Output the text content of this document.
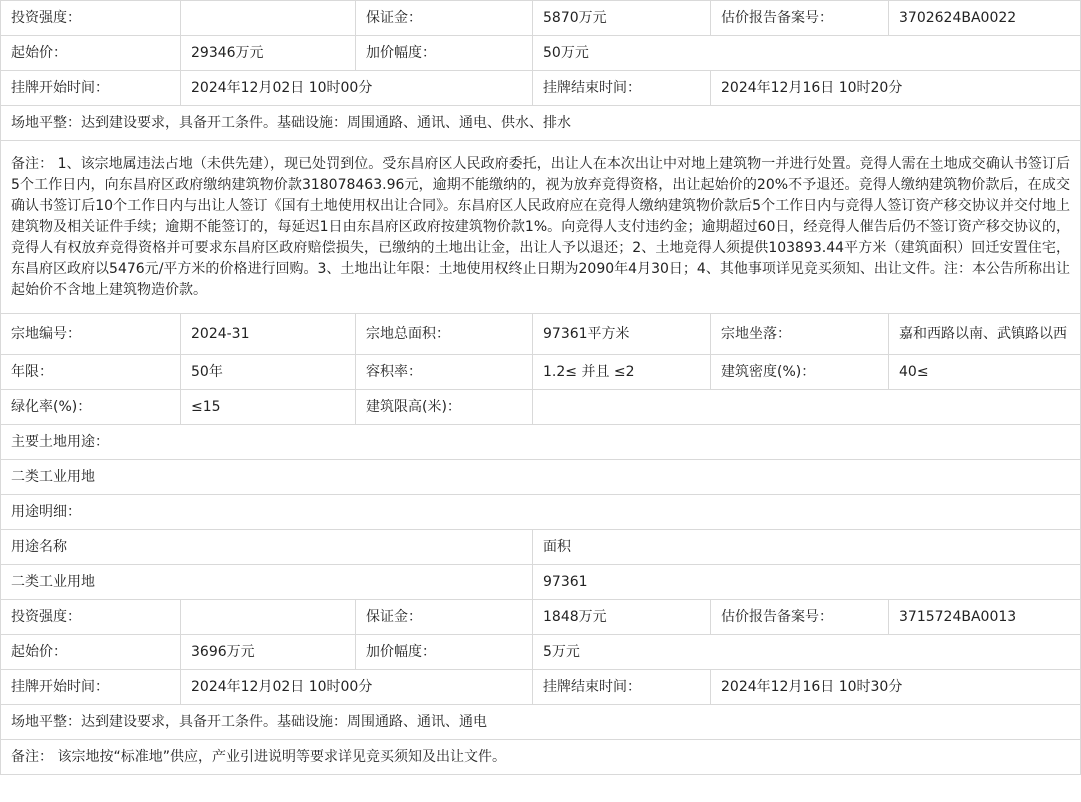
投资强度：		保证金：	5870万元	估价报告备案号：	3702624BA0022
起始价：	29346万元	加价幅度：	50万元		
挂牌开始时间：	2024年12月02日 10时00分		挂牌结束时间：	2024年12月16日 10时20分	
场地平整：达到建设要求，具备开工条件。基础设施：周围通路、通讯、通电、供水、排水					
备注： 1、该宗地属违法占地（未供先建），现已处罚到位。受东昌府区人民政府委托，出让人在本次出让中对地上建筑物一并进行处置。竞得人需在土地成交确认书签订后5个工作日内，向东昌府区政府缴纳建筑物价款318078463.96元，逾期不能缴纳的，视为放弃竞得资格，出让起始价的20%不予退还。竞得人缴纳建筑物价款后，在成交确认书签订后10个工作日内与出让人签订《国有土地使用权出让合同》。东昌府区人民政府应在竞得人缴纳建筑物价款后5个工作日内与竞得人签订资产移交协议并交付地上建筑物及相关证件手续；逾期不能签订的，每延迟1日由东昌府区政府按建筑物价款1%。向竞得人支付违约金；逾期超过60日，经竞得人催告后仍不签订资产移交协议的，竞得人有权放弃竞得资格并可要求东昌府区政府赔偿损失，已缴纳的土地出让金，出让人予以退还；2、土地竞得人须提供103893.44平方米（建筑面积）回迁安置住宅，东昌府区政府以5476元/平方米的价格进行回购。3、土地出让年限：土地使用权终止日期为2090年4月30日；4、其他事项详见竞买须知、出让文件。注：本公告所称出让起始价不含地上建筑物造价款。					
宗地编号：	2024-31	宗地总面积：	97361平方米	宗地坐落：	嘉和西路以南、武镇路以西
年限：	50年	容积率：	1.2≤ 并且 ≤2	建筑密度(%)：	40≤
绿化率(%)：	≤15	建筑限高(米)：			
主要土地用途：					
二类工业用地					
用途明细：					
用途名称			面积		
二类工业用地			97361		
投资强度：		保证金：	1848万元	估价报告备案号：	3715724BA0013
起始价：	3696万元	加价幅度：	5万元		
挂牌开始时间：	2024年12月02日 10时00分		挂牌结束时间：	2024年12月16日 10时30分	
场地平整：达到建设要求，具备开工条件。基础设施：周围通路、通讯、通电					
备注： 该宗地按“标准地”供应，产业引进说明等要求详见竞买须知及出让文件。					
